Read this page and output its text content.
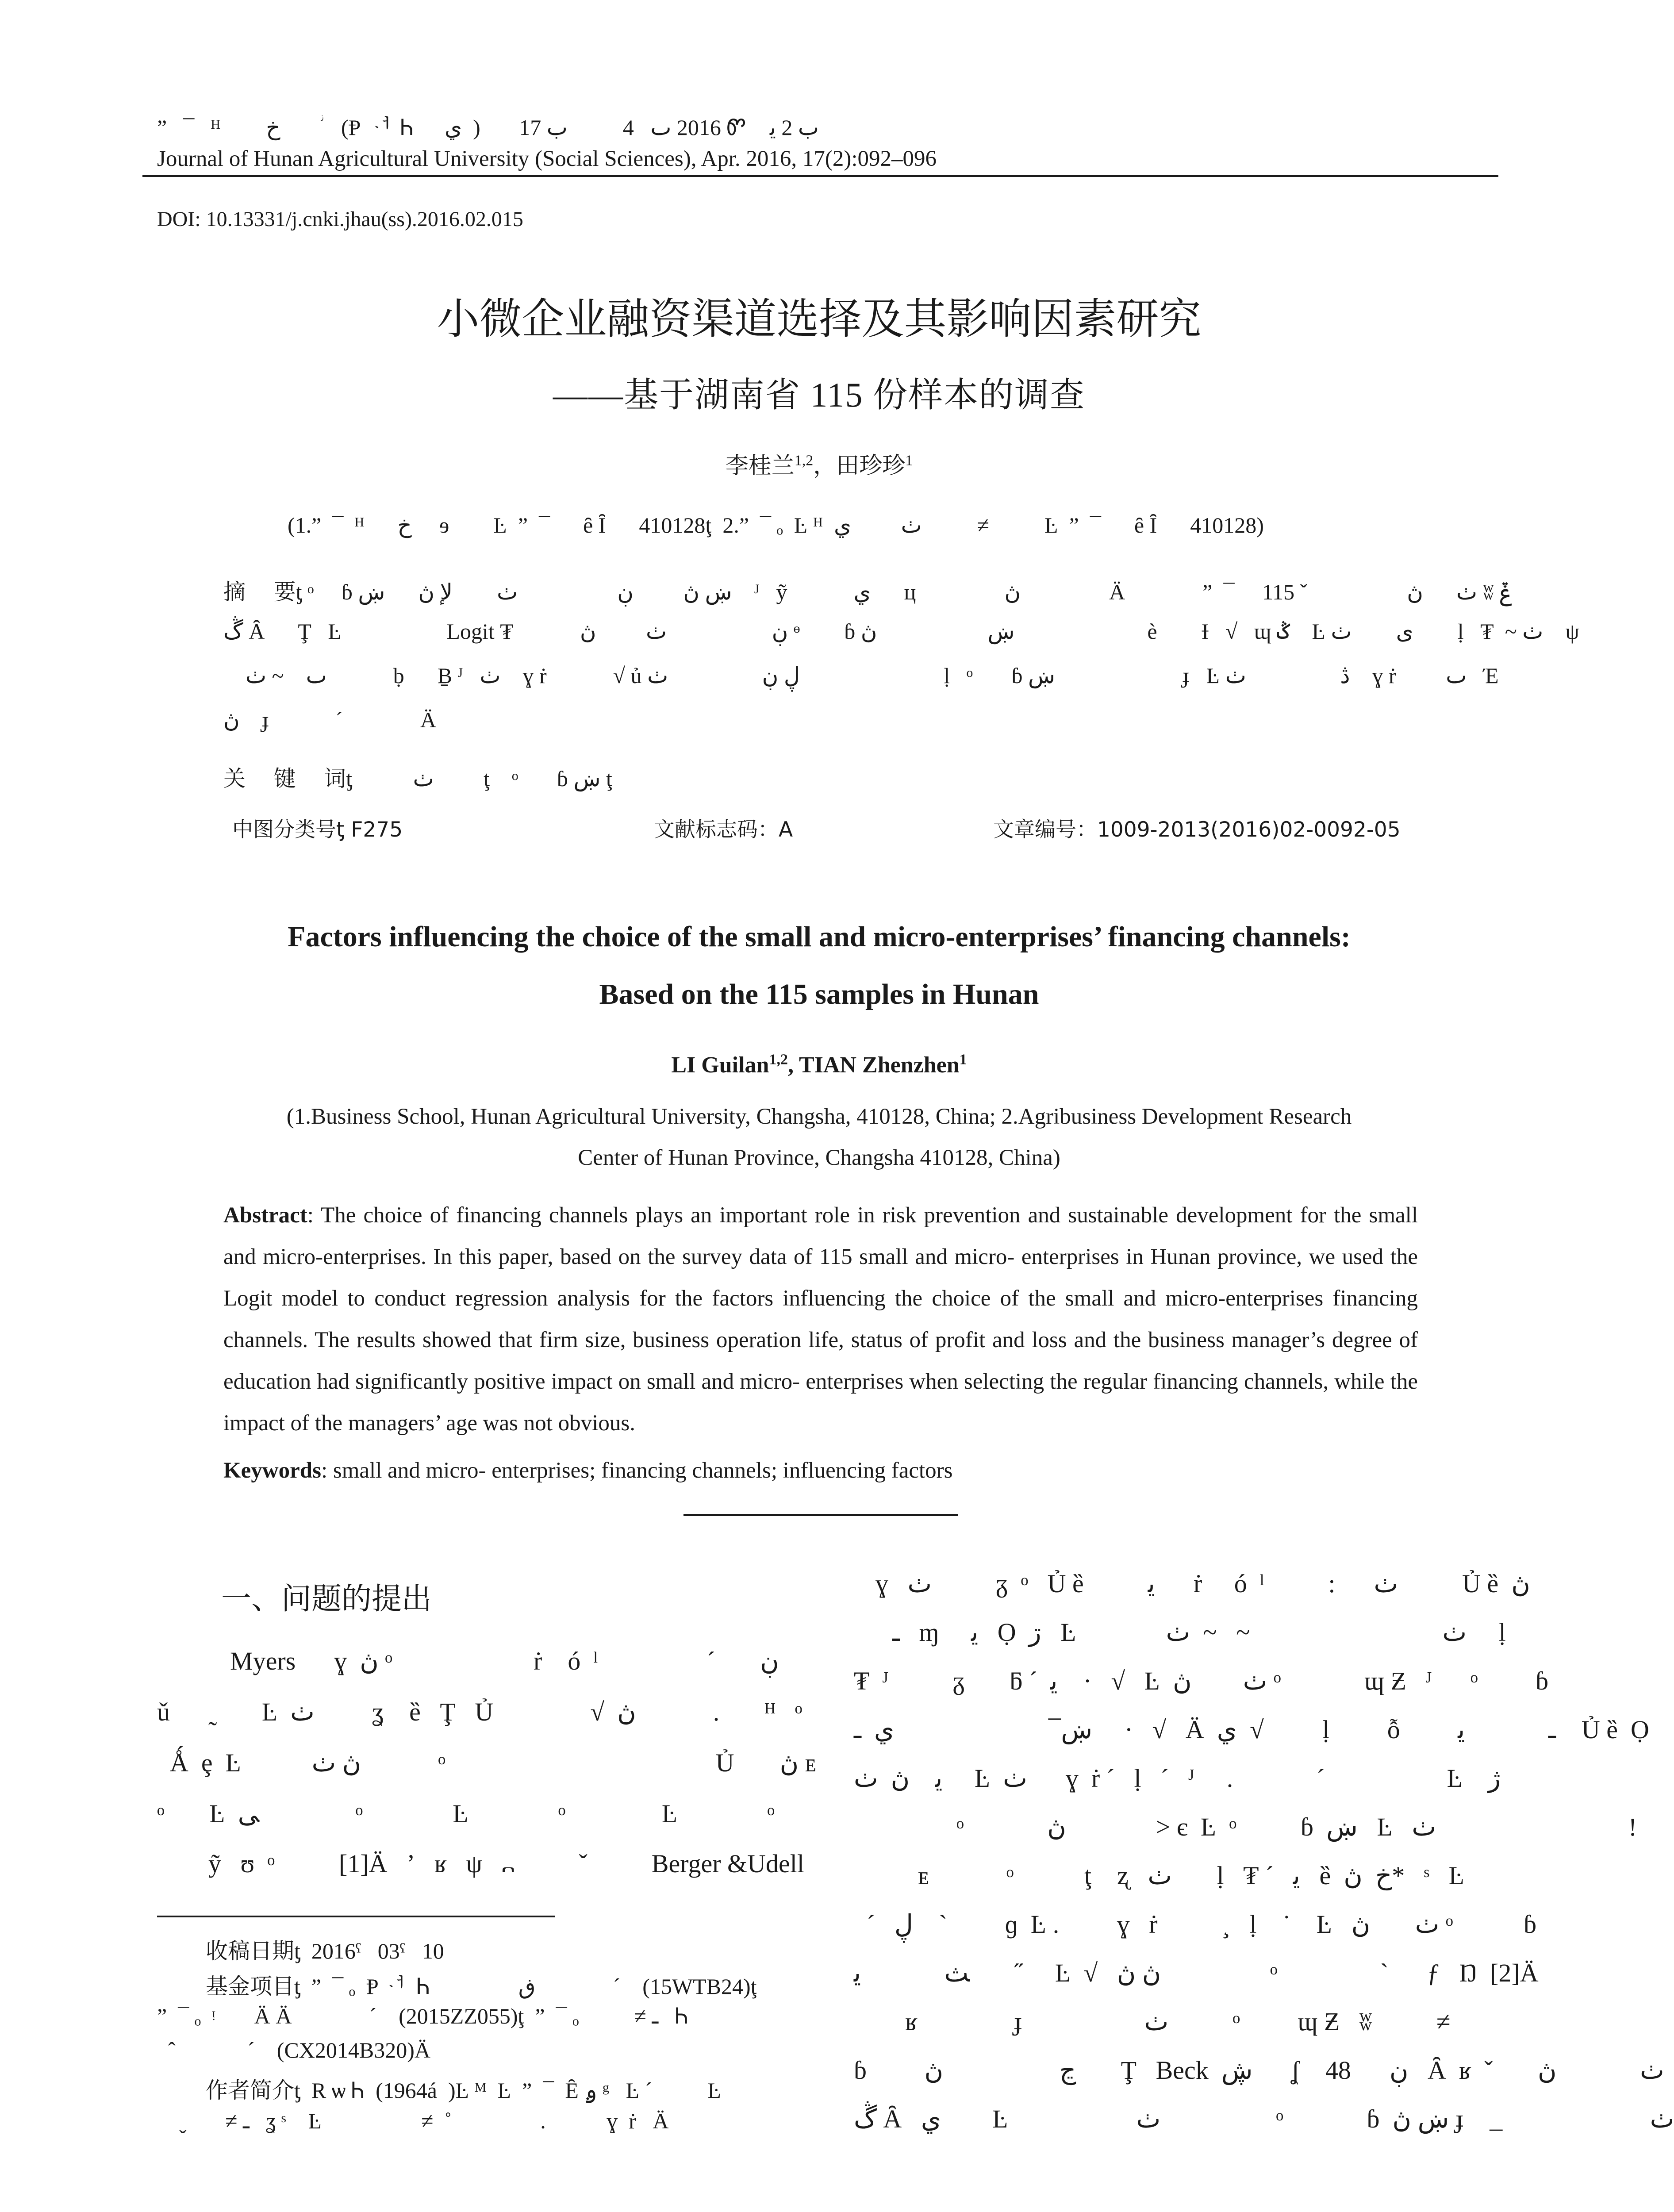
”  ¯  ᴴ      ﺥ        ؗ   (Ᵽ ᆟ Ꮒ    ي  )       2016 ٮ   4          ب 17 Ꮫ   ب 2 ﯾ
Journal of Hunan Agricultural University (Social Sciences), Apr. 2016, 17(2):092–096
DOI: 10.13331/j.cnki.jhau(ss).2016.02.015
小微企业融资渠道选择及其影响因素研究
——基于湖南省 115 份样本的调查
李桂兰$^{1,2}$，田珍珍$^1$
(1.”  ¯  ᴴ      ﺥ     ɘ        Ŀ  ”  ¯      ȇ Ȋ      410128ţ  2.”  ¯ ₒ  Ŀ ᴴ  ٺ         ي          ≠          Ŀ  ”  ¯      ȇ Ȋ      410128)
摘    要ƫ ᵒ     ɓ ښ ڽ         ڹ                  ٺ        ﻹ ڽ      ښ    ᴶ   ỹ            ي      ц                ڽ                Ä              ”  ¯     115 ˇ                  ٺ      ڽ ʬ ݞ
ڴ Ȃ      Ţ   Ŀ                   Logit ₮            ڹ                   ٺ         ڽ ᶱ        ɓ ښ                    ڽ                        è        Ɨ   √   ɰ ݣ    Ŀ ى        ٺ        ḷ   ₮  ~ ٺ    ψ
ٮ    ~ ٺ            ḅ      Ḇ ᴶ   ٺ    ɣ ṙ            √ ủ ڸ ڹ                 ٺ                          ḷ   ᵒ       ɓ ښ                       ɟ   Ŀ ڎ                 ٺ    ɣ ṙ         ٮ   Έ
ڽ    ɟ            ˊ              Ä
关    键    词ƫ           ٺ         ţ    ᵒ       ɓ ښ ţ
中图分类号ƫ F275	文献标志码：A	文章编号：1009-2013(2016)02-0092-05
Factors influencing the choice of the small and micro-enterprises’ financing channels:
Based on the 115 samples in Hunan
LI Guilan$^{1,2}$, TIAN Zhenzhen$^1$
(1.Business School, Hunan Agricultural University, Changsha, 410128, China; 2.Agribusiness Development Research
Center of Hunan Province, Changsha 410128, China)
Abstract: The choice of financing channels plays an important role in risk prevention and sustainable development for the small and micro-enterprises. In this paper, based on the survey data of 115 small and micro- enterprises in Hunan province, we used the Logit model to conduct regression analysis for the factors influencing the choice of the small and micro-enterprises financing channels. The results showed that firm size, business operation life, status of profit and loss and the business manager’s degree of education had significantly positive impact on small and micro- enterprises when selecting the regular financing channels, while the impact of the managers’ age was not obvious.
Keywords: small and micro- enterprises; financing channels; influencing factors
一、问题的提出
Myers      ɣ  ڽ ᵒ                      ṙ    ó  ˡ                 ˊ       ڹ
ǔ      ˷       Ŀ  ٺ         ʓ    ȅ   Ţ   Ủ  ⃞          √  ڽ            .       ᴴ   ᵒ
Ǻ  ȩ  Ŀ           ڽ ٺ            ᵒ                            ⃞           Ủ  ⃞  ڽ ᴇ
ᵒ       Ŀ  ﯽ               ᵒ              Ŀ              ᵒ               Ŀ              ᵒ
ỹ   ʊ  ᵒ          [1]Ä   ʼ   ʁ   ψ   ᎔          ˇ          Berger &Udell
收稿日期ƫ  2016ˁ   03ˁ   10
基金项目ƫ  ”  ¯ ₒ  Ᵽ ᆟ  Ꮒ                ڧ              ˊ    (15WTB24)ţ
”  ¯ ₒ  ᵎ       Ä Ä              ˊ    (2015ZZ055)ţ  ”  ¯ ₒ          ≠ ـ   Ꮒ
ˆ             ˊ    (CX2014B320)Ä
作者简介ƫ  R ѡ Ꮒ  (1964á  )Ŀ ᴹ  Ŀ  ”  ¯  Ȇ ࢫ ᵍ   Ŀ ˊ          Ŀ
ˬ       ≠ ـ   ʓ ˢ    Ŀ                  ≠  ˚                .           ɣ  ṙ   Ä
ɣ   ٺ          ᵹ  ᵒ   Ủ ȅ          ﯾ      ṙ     ó  ˡ          :      ٺ          Ủ ȅ  ڽ
ـ   ɱ     ﯾ   Ọ  ڗ   Ŀ              ٺ                              ~   ~  ٺ     ḷ
₮  ᴶ          ᵹ       ƃ ˊ  ﯾ    ·   √   Ŀ  ٺ        ڽ ᵒ             ɰ Ƶ   ᴶ      ᵒ         ɓ
ښ ̅                         ي  ـ     ·   √   Ä  ي  √   ⃞   ḷ         ỗ         ـ             ﯾ    Ủ ȅ  Ọ
ﯾ    ڽ  ٺ     Ŀ  ٺ      ɣ  ṙ ˊ   ḷ   ˊ   ᴶ     .             ˊ                   Ŀ    ژ
ᵒ             ڽ              > є  Ŀ  ᵒ          ɓ  ښ   Ŀ   ٺ                              !
ᴇ            ᵒ           ţ    ʐ   ٺ       ḷ   ₮ ˊ   ﯾ   ȅ  ﺥ  ڽ*   ˢ   Ŀ
ˊ   ڸ    ˋ         ɡ  Ŀ .         ɣ   ṙ          ¸   ḷ    ˙    Ŀ   ٺ       ڽ ᵒ           ɓ
ﺚ             ﯾ       ˝     Ŀ  √   ڽ ڽ                 ᵒ                ˋ      ƒ   Ŋ  [2]Ä
ʁ               ɟ                   ٺ          ᵒ         ɰ Ƶ   ʬ          ≠                   ⃞
ɓ         ڃ   ⃞            ڽ       Ţ   Beck  ڜ      ʆ    ڹ      48   Ȃ  ʁ  ˇ       ٺ             ڽ
ڴ Ȃ   ي        Ŀ                    ٺ                  ᵒ             ɓ  ښ ڽ ɟ    _                       ٺ
